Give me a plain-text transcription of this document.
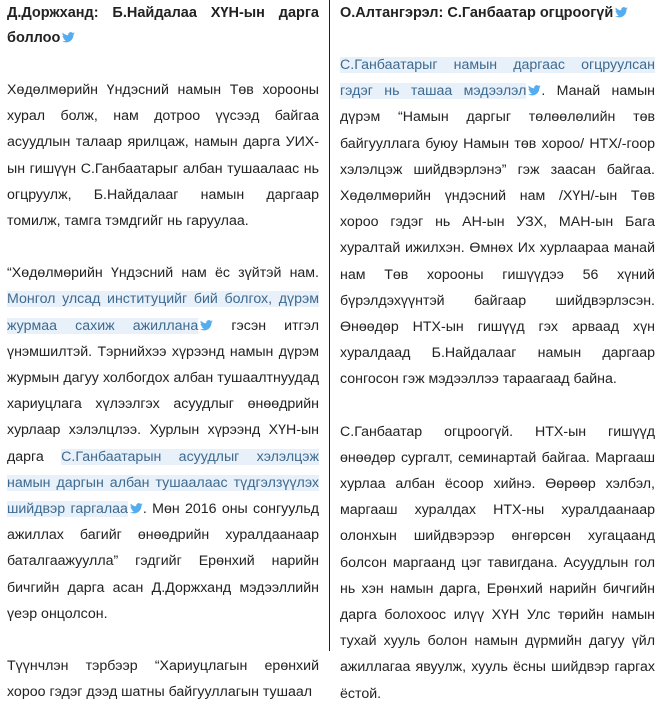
Д.Доржханд: Б.Найдалаа ХҮН-ын дарга боллоо

Хөдөлмөрийн Үндэсний намын Төв хорооны хурал болж, нам дотроо үүсээд байгаа асуудлын талаар ярилцаж, намын дарга УИХ-ын гишүүн С.Ганбаатарыг албан тушаалаас нь огцруулж, Б.Найдалааг намын даргаар томилж, тамга тэмдгийг нь гаруулаа.

“Хөдөлмөрийн Үндэсний нам ёс зүйтэй нам. Монгол улсад институцийг бий болгох, дүрэм журмаа сахиж ажиллана
гэсэн итгэл үнэмшилтэй. Тэрнийхээ хүрээнд намын дүрэм журмын дагуу холбогдох албан тушаалтнуудад хариуцлага хүлээлгэх асуудлыг өнөөдрийн хурлаар хэлэлцлээ. Хурлын хүрээнд ХҮН-ын дарга С.Ганбаатарын асуудлыг хэлэлцэж намын даргын албан тушаалаас түдгэлзүүлэх шийдвэр гаргалаа . Мөн 2016 оны сонгуульд ажиллах багийг өнөөдрийн хуралдаанаар баталгаажуулла” гэдгийг Ерөнхий нарийн бичгийн дарга асан Д.Доржханд мэдээллийн үеэр онцолсон.

Түүнчлэн тэрбээр “Хариуцлагын ерөнхий хороо гэдэг дээд шатны байгууллагын тушаал

О.Алтангэрэл: С.Ганбаатар огцроогүй

С.Ганбаатарыг намын даргаас огцруулсан гэдэг нь ташаа мэдээлэл . Манай намын дүрэм “Намын даргыг төлөөлөлийн төв байгууллага буюу Намын төв хороо/ НТХ/-гоор хэлэлцэж шийдвэрлэнэ” гэж заасан байгаа. Хөдөлмөрийн үндэсний нам /ХҮН/-ын Төв хороо гэдэг нь АН-ын УЗХ, МАН-ын Бага хуралтай ижилхэн. Өмнөх Их хурлаараа манай нам Төв хорооны гишүүдээ 56 хүний бүрэлдэхүүнтэй байгаар шийдвэрлэсэн. Өнөөдөр НТХ-ын гишүүд гэх арваад хүн хуралдаад Б.Найдалааг намын даргаар сонгосон гэж мэдээллээ тараагаад байна.

С.Ганбаатар огцроогүй. НТХ-ын гишүүд өнөөдөр сургалт, семинартай байгаа. Маргааш хурлаа албан ёсоор хийнэ. Өөрөөр хэлбэл, маргааш хуралдах НТХ-ны хуралдаанаар олонхын шийдвэрээр өнгөрсөн хугацаанд болсон маргаанд цэг тавигдана. Асуудлын гол нь хэн намын дарга, Ерөнхий нарийн бичгийн дарга болохоос илүү ХҮН Улс төрийн намын тухай хууль болон намын дүрмийн дагуу үйл ажиллагаа явуулж, хууль ёсны шийдвэр гаргах ёстой.
